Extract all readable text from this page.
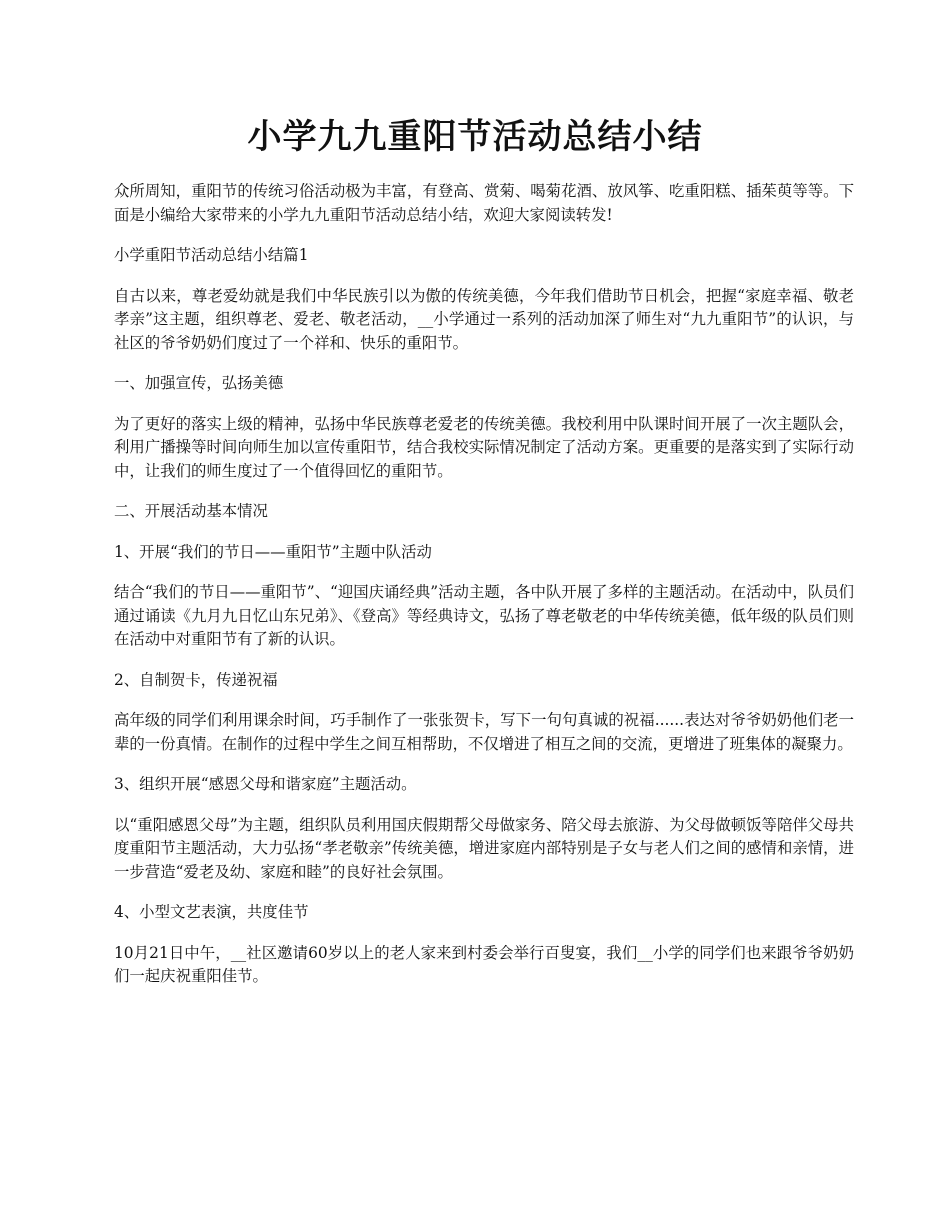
小学九九重阳节活动总结小结

众所周知，重阳节的传统习俗活动极为丰富，有登高、赏菊、喝菊花酒、放风筝、吃重阳糕、插茱萸等等。下面是小编给大家带来的小学九九重阳节活动总结小结，欢迎大家阅读转发!

小学重阳节活动总结小结篇1

自古以来，尊老爱幼就是我们中华民族引以为傲的传统美德，今年我们借助节日机会，把握“家庭幸福、敬老孝亲”这主题，组织尊老、爱老、敬老活动，__小学通过一系列的活动加深了师生对“九九重阳节”的认识，与社区的爷爷奶奶们度过了一个祥和、快乐的重阳节。

一、加强宣传，弘扬美德

为了更好的落实上级的精神，弘扬中华民族尊老爱老的传统美德。我校利用中队课时间开展了一次主题队会，利用广播操等时间向师生加以宣传重阳节，结合我校实际情况制定了活动方案。更重要的是落实到了实际行动中，让我们的师生度过了一个值得回忆的重阳节。

二、开展活动基本情况

1、开展“我们的节日——重阳节”主题中队活动

结合“我们的节日——重阳节”、“迎国庆诵经典”活动主题，各中队开展了多样的主题活动。在活动中，队员们通过诵读《九月九日忆山东兄弟》、《登高》等经典诗文，弘扬了尊老敬老的中华传统美德，低年级的队员们则在活动中对重阳节有了新的认识。

2、自制贺卡，传递祝福

高年级的同学们利用课余时间，巧手制作了一张张贺卡，写下一句句真诚的祝福......表达对爷爷奶奶他们老一辈的一份真情。在制作的过程中学生之间互相帮助，不仅增进了相互之间的交流，更增进了班集体的凝聚力。

3、组织开展“感恩父母和谐家庭”主题活动。

以“重阳感恩父母”为主题，组织队员利用国庆假期帮父母做家务、陪父母去旅游、为父母做顿饭等陪伴父母共度重阳节主题活动，大力弘扬“孝老敬亲”传统美德，增进家庭内部特别是子女与老人们之间的感情和亲情，进一步营造“爱老及幼、家庭和睦”的良好社会氛围。

4、小型文艺表演，共度佳节

10月21日中午，__社区邀请60岁以上的老人家来到村委会举行百叟宴，我们__小学的同学们也来跟爷爷奶奶们一起庆祝重阳佳节。
